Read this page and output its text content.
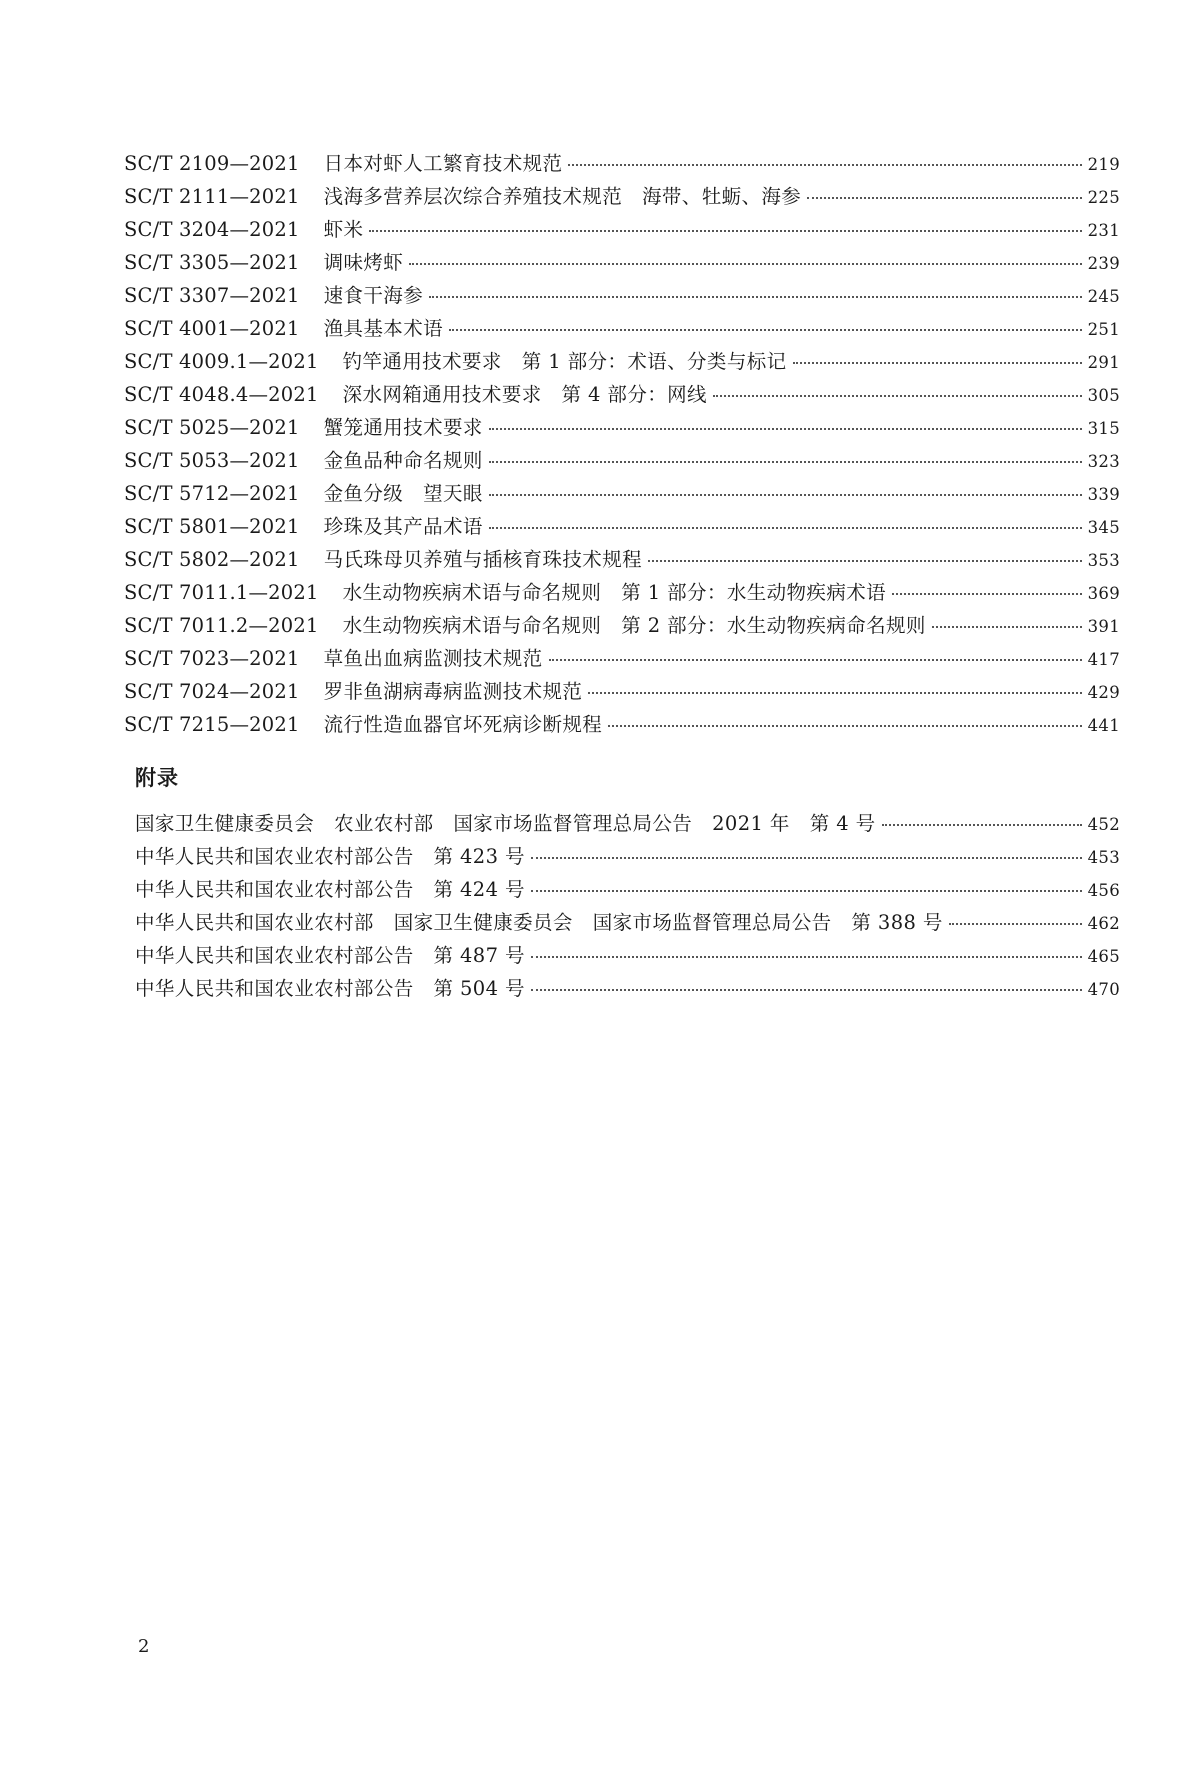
SC/T 2109—2021 日本对虾人工繁育技术规范	219
SC/T 2111—2021 浅海多营养层次综合养殖技术规范　海带、牡蛎、海参	225
SC/T 3204—2021 虾米	231
SC/T 3305—2021 调味烤虾	239
SC/T 3307—2021 速食干海参	245
SC/T 4001—2021 渔具基本术语	251
SC/T 4009.1—2021 钓竿通用技术要求　第 1 部分：术语、分类与标记	291
SC/T 4048.4—2021 深水网箱通用技术要求　第 4 部分：网线	305
SC/T 5025—2021 蟹笼通用技术要求	315
SC/T 5053—2021 金鱼品种命名规则	323
SC/T 5712—2021 金鱼分级　望天眼	339
SC/T 5801—2021 珍珠及其产品术语	345
SC/T 5802—2021 马氏珠母贝养殖与插核育珠技术规程	353
SC/T 7011.1—2021 水生动物疾病术语与命名规则　第 1 部分：水生动物疾病术语	369
SC/T 7011.2—2021 水生动物疾病术语与命名规则　第 2 部分：水生动物疾病命名规则	391
SC/T 7023—2021 草鱼出血病监测技术规范	417
SC/T 7024—2021 罗非鱼湖病毒病监测技术规范	429
SC/T 7215—2021 流行性造血器官坏死病诊断规程	441
附录
国家卫生健康委员会　农业农村部　国家市场监督管理总局公告　2021 年　第 4 号	452
中华人民共和国农业农村部公告　第 423 号	453
中华人民共和国农业农村部公告　第 424 号	456
中华人民共和国农业农村部　国家卫生健康委员会　国家市场监督管理总局公告　第 388 号	462
中华人民共和国农业农村部公告　第 487 号	465
中华人民共和国农业农村部公告　第 504 号	470
2
